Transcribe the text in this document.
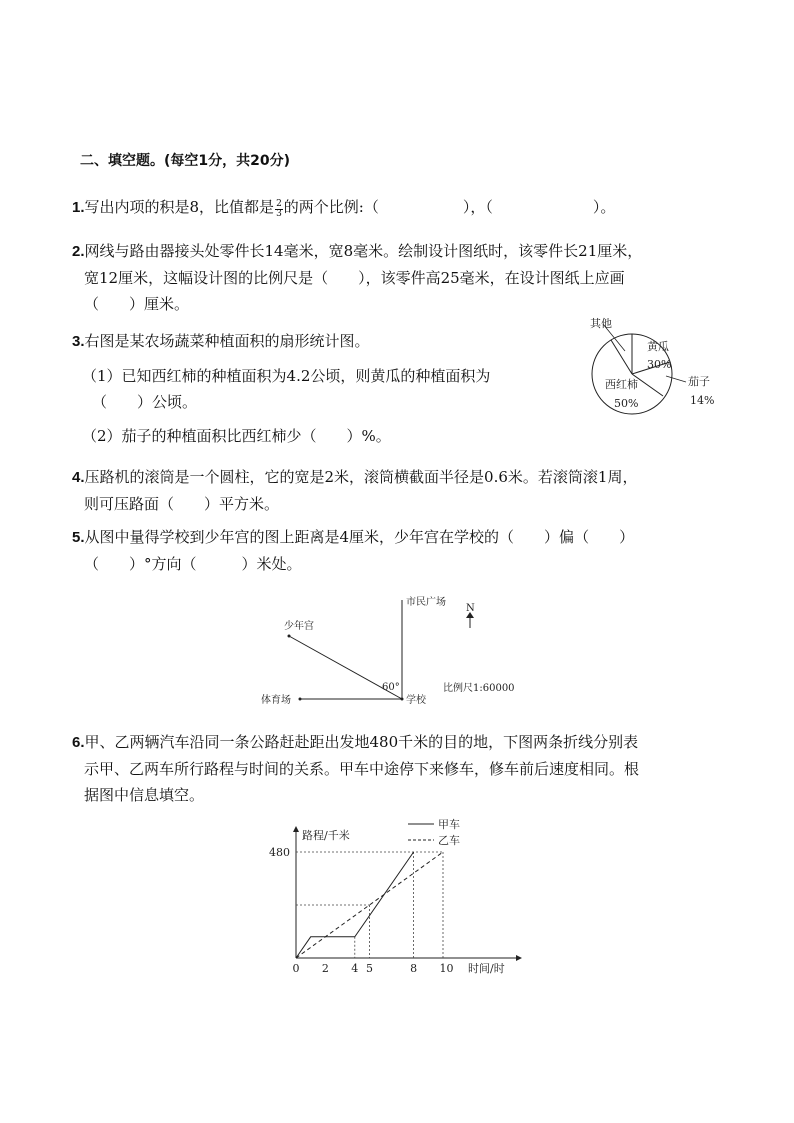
二、填空题。(每空1分，共20分)
1.写出内项的积是8，比值都是 $\frac{2}{3}$ 的两个比例:（	），（	）。
2.网线与路由器接头处零件长14毫米，宽8毫米。绘制设计图纸时，该零件长21厘米，
宽12厘米，这幅设计图的比例尺是（　　），该零件高25毫米，在设计图纸上应画
（　　）厘米。
3.右图是某农场蔬菜种植面积的扇形统计图。
（1）已知西红柿的种植面积为4.2公顷，则黄瓜的种植面积为
（　　）公顷。
（2）茄子的种植面积比西红柿少（　　）%。
其他
黄瓜
30%
茄子
14%
西红柿
50%
4.压路机的滚筒是一个圆柱，它的宽是2米，滚筒横截面半径是0.6米。若滚筒滚1周，
则可压路面（　　）平方米。
5.从图中量得学校到少年宫的图上距离是4厘米，少年宫在学校的（　　）偏（　　）
（　　）°方向（　　　）米处。
市民广场
N
少年宫
60°
体育场	学校
比例尺1:60000
6.甲、乙两辆汽车沿同一条公路赶赴距出发地480千米的目的地，下图两条折线分别表
示甲、乙两车所行路程与时间的关系。甲车中途停下来修车，修车前后速度相同。根
据图中信息填空。
0 2 4 5	8 10
480
路程/千米
时间/时
甲车
乙车
